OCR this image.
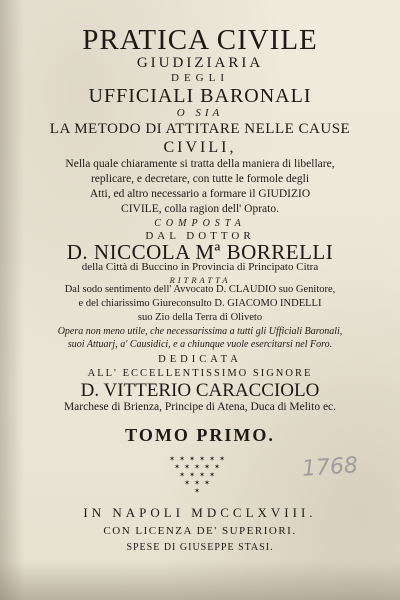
PRATICA CIVILE
GIUDIZIARIA
DEGLI
UFFICIALI BARONALI
O SIA
LA METODO DI ATTITARE NELLE CAUSE
CIVILI,
Nella quale chiaramente si tratta della maniera di libellare,
replicare, e decretare, con tutte le formole degli
Atti, ed altro necessario a formare il GIUDIZIO
CIVILE, colla ragion dell' Oprato.
COMPOSTA
DAL DOTTOR
D. NICCOLA Mª BORRELLI
della Città di Buccino in Provincia di Principato Citra
RITRATTA
Dal sodo sentimento dell' Avvocato D. CLAUDIO suo Genitore,
e del chiarissimo Giureconsulto D. GIACOMO INDELLI
suo Zio della Terra di Oliveto
Opera non meno utile, che necessarissima a tutti gli Ufficiali Baronali,
suoi Attuarj, a' Causidici, e a chiunque vuole esercitarsi nel Foro.
DEDICATA
ALL' ECCELLENTISSIMO SIGNORE
D. VITTERIO CARACCIOLO
Marchese di Brienza, Principe di Atena, Duca di Melito ec.
TOMO PRIMO.
✶ ✶ ✶ ✶ ✶ ✶
✶ ✶ ✶ ✶ ✶
✶ ✶ ✶ ✶
✶ ✶ ✶
✶
1768
IN NAPOLI MDCCLXVIII.
CON LICENZA DE' SUPERIORI.
SPESE DI GIUSEPPE STASI.
